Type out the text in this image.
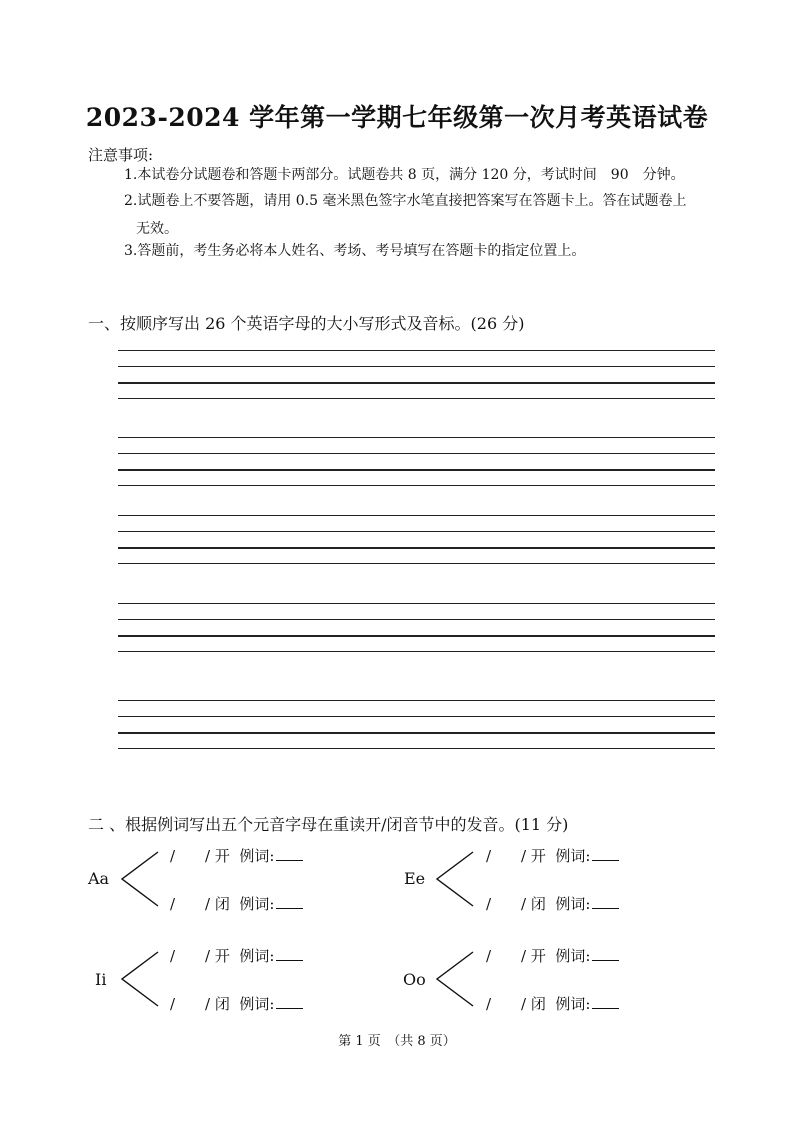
2023-2024 学年第一学期七年级第一次月考英语试卷
注意事项:
1.本试卷分试题卷和答题卡两部分。试题卷共 8 页，满分 120 分，考试时间　90　分钟。
2.试题卷上不要答题，请用 0.5 毫米黑色签字水笔直接把答案写在答题卡上。答在试题卷上
无效。
3.答题前，考生务必将本人姓名、考场、考号填写在答题卡的指定位置上。
一、按顺序写出 26 个英语字母的大小写形式及音标。(26 分)
二 、根据例词写出五个元音字母在重读开/闭音节中的发音。(11 分)
Aa
/　　/ 开  例词:
/　　/ 闭  例词:
Ee
/　　/ 开  例词:
/　　/ 闭  例词:
Ii
/　　/ 开  例词:
/　　/ 闭  例词:
Oo
/　　/ 开  例词:
/　　/ 闭  例词:
第 1 页　（共 8 页）
